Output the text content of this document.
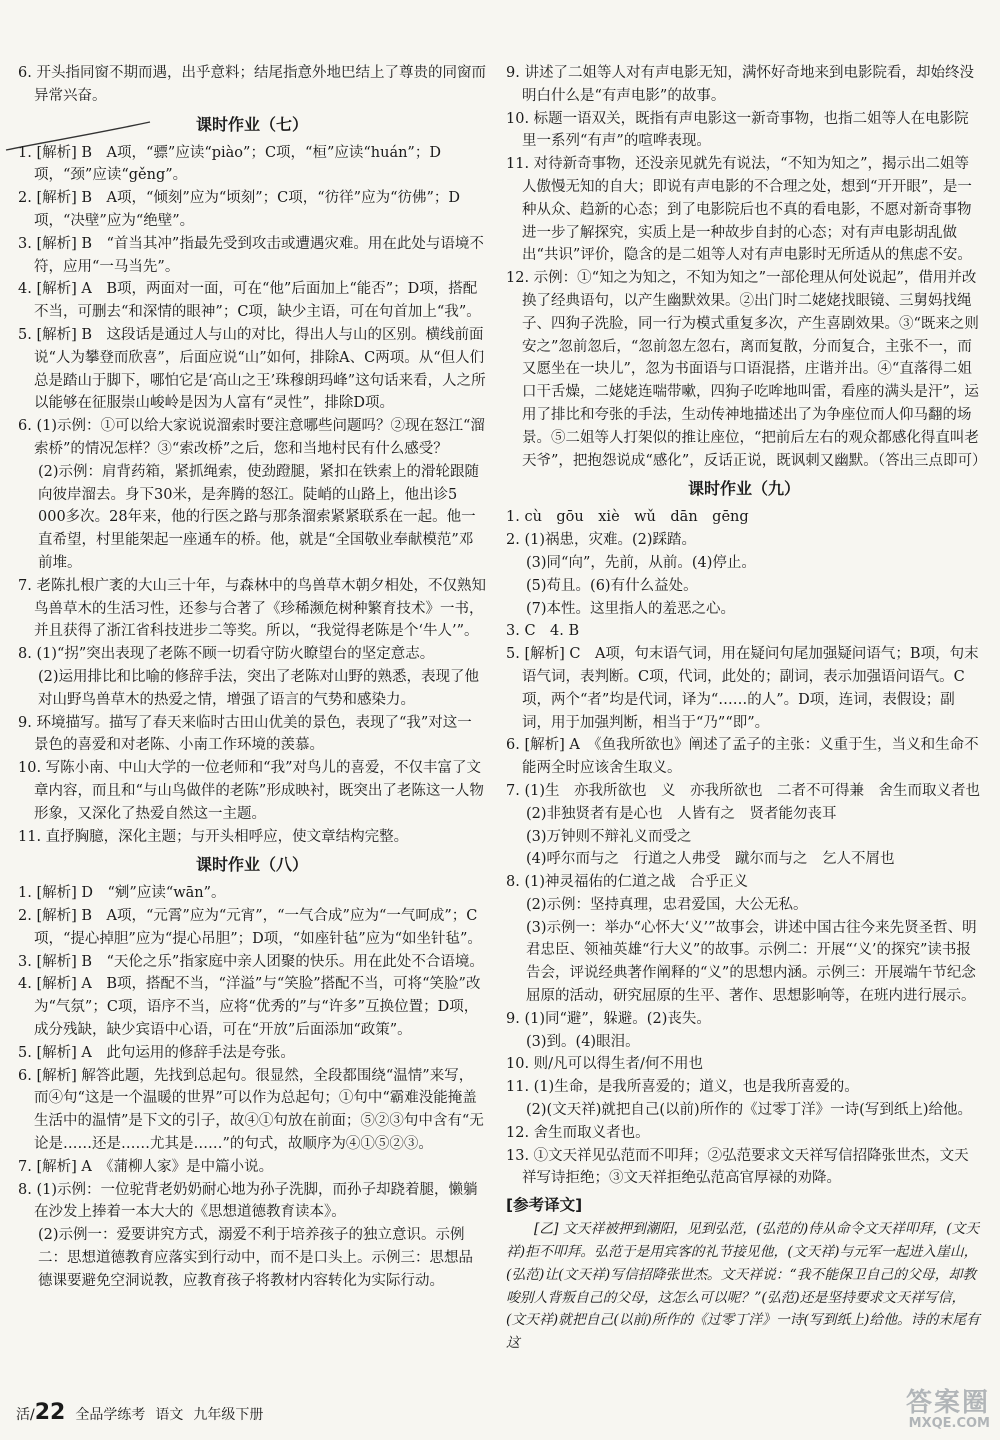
6. 开头指同窗不期而遇，出乎意料；结尾指意外地巴结上了尊贵的同窗而异常兴奋。

课时作业（七）

1. [解析] B　A项，“骠”应读“piào”；C项，“桓”应读“huán”；D项，“颈”应读“gěng”。

2. [解析] B　A项，“倾刻”应为“顷刻”；C项，“彷徉”应为“彷佛”；D项，“决壁”应为“绝壁”。

3. [解析] B　“首当其冲”指最先受到攻击或遭遇灾难。用在此处与语境不符，应用“一马当先”。

4. [解析] A　B项，两面对一面，可在“他”后面加上“能否”；D项，搭配不当，可删去“和深情的眼神”；C项，缺少主语，可在句首加上“我”。

5. [解析] B　这段话是通过人与山的对比，得出人与山的区别。横线前面说“人为攀登而欣喜”，后面应说“山”如何，排除A、C两项。从“但人们总是踏山于脚下，哪怕它是‘高山之王’珠穆朗玛峰”这句话来看，人之所以能够在征服崇山峻岭是因为人富有“灵性”，排除D项。

6. (1)示例：①可以给大家说说溜索时要注意哪些问题吗？②现在怒江“溜索桥”的情况怎样？③“索改桥”之后，您和当地村民有什么感受？

(2)示例：肩背药箱，紧抓绳索，使劲蹬腿，紧扣在铁索上的滑轮跟随向彼岸溜去。身下30米，是奔腾的怒江。陡峭的山路上，他出诊5 000多次。28年来，他的行医之路与那条溜索紧紧联系在一起。他一直希望，村里能架起一座通车的桥。他，就是“全国敬业奉献模范”邓前堆。

7. 老陈扎根广袤的大山三十年，与森林中的鸟兽草木朝夕相处，不仅熟知鸟兽草木的生活习性，还参与合著了《珍稀濒危树种繁育技术》一书，并且获得了浙江省科技进步二等奖。所以，“我觉得老陈是个‘牛人’”。

8. (1)“拐”突出表现了老陈不顾一切看守防火瞭望台的坚定意志。

(2)运用排比和比喻的修辞手法，突出了老陈对山野的熟悉，表现了他对山野鸟兽草木的热爱之情，增强了语言的气势和感染力。

9. 环境描写。描写了春天来临时古田山优美的景色，表现了“我”对这一景色的喜爱和对老陈、小南工作环境的羡慕。

10. 写陈小南、中山大学的一位老师和“我”对鸟儿的喜爱，不仅丰富了文章内容，而且和“与山鸟做伴的老陈”形成映衬，既突出了老陈这一人物形象，又深化了热爱自然这一主题。

11. 直抒胸臆，深化主题；与开头相呼应，使文章结构完整。

课时作业（八）

1. [解析] D　“剜”应读“wān”。

2. [解析] B　A项，“元霄”应为“元宵”，“一气合成”应为“一气呵成”；C项，“提心掉胆”应为“提心吊胆”；D项，“如座针毡”应为“如坐针毡”。

3. [解析] B　“天伦之乐”指家庭中亲人团聚的快乐。用在此处不合语境。

4. [解析] A　B项，搭配不当，“洋溢”与“笑脸”搭配不当，可将“笑脸”改为“气氛”；C项，语序不当，应将“优秀的”与“许多”互换位置；D项，成分残缺，缺少宾语中心语，可在“开放”后面添加“政策”。

5. [解析] A　此句运用的修辞手法是夸张。

6. [解析] 解答此题，先找到总起句。很显然，全段都围绕“温情”来写，而④句“这是一个温暖的世界”可以作为总起句；①句中“霸难没能掩盖生活中的温情”是下文的引子，故④①句放在前面；⑤②③句中含有“无论是……还是……尤其是……”的句式，故顺序为④①⑤②③。

7. [解析] A　《蒲柳人家》是中篇小说。

8. (1)示例：一位驼背老奶奶耐心地为孙子洗脚，而孙子却跷着腿，懒躺在沙发上捧着一本大大的《思想道德教育读本》。

(2)示例一：爱要讲究方式，溺爱不利于培养孩子的独立意识。示例二：思想道德教育应落实到行动中，而不是口头上。示例三：思想品德课要避免空洞说教，应教育孩子将教材内容转化为实际行动。

9. 讲述了二姐等人对有声电影无知，满怀好奇地来到电影院看，却始终没明白什么是“有声电影”的故事。

10. 标题一语双关，既指有声电影这一新奇事物，也指二姐等人在电影院里一系列“有声”的喧哗表现。

11. 对待新奇事物，还没亲见就先有说法，“不知为知之”，揭示出二姐等人傲慢无知的自大；即说有声电影的不合理之处，想到“开开眼”，是一种从众、趋新的心态；到了电影院后也不真的看电影，不愿对新奇事物进一步了解探究，实质上是一种故步自封的心态；对有声电影胡乱做出“共识”评价，隐含的是二姐等人对有声电影时无所适从的焦虑不安。

12. 示例：①“知之为知之，不知为知之”一部伦理从何处说起”，借用并改换了经典语句，以产生幽默效果。②出门时二姥姥找眼镜、三舅妈找绳子、四狗子洗脸，同一行为模式重复多次，产生喜剧效果。③“既来之则安之”忽前忽后，“忽前忽左忽右，离而复散，分而复合，主张不一，而又愿坐在一块儿”，忽为书面语与口语混搭，庄谐并出。④“直落得二姐口干舌燥，二姥姥连喘带嗽，四狗子吃哞地叫雷，看座的满头是汗”，运用了排比和夸张的手法，生动传神地描述出了为争座位而人仰马翻的场景。⑤二姐等人打架似的推让座位，“把前后左右的观众都感化得直叫老天爷”，把抱怨说成“感化”，反话正说，既讽刺又幽默。（答出三点即可）

课时作业（九）

1. cù　gōu　xiè　wǔ　dān　gēng

2. (1)祸患，灾难。(2)踩踏。

(3)同“向”，先前，从前。(4)停止。

(5)苟且。(6)有什么益处。

(7)本性。这里指人的羞恶之心。

3. C　4. B

5. [解析] C　A项，句末语气词，用在疑问句尾加强疑问语气；B项，句末语气词，表判断。C项，代词，此处的；副词，表示加强语问语气。C项，两个“者”均是代词，译为“……的人”。D项，连词，表假设；副词，用于加强判断，相当于“乃”“即”。

6. [解析] A　《鱼我所欲也》阐述了孟子的主张：义重于生，当义和生命不能两全时应该舍生取义。

7. (1)生　亦我所欲也　义　亦我所欲也　二者不可得兼　舍生而取义者也

(2)非独贤者有是心也　人皆有之　贤者能勿丧耳

(3)万钟则不辩礼义而受之

(4)呼尔而与之　行道之人弗受　蹴尔而与之　乞人不屑也

8. (1)神灵福佑的仁道之战　合乎正义

(2)示例：坚持真理，忠君爱国，大公无私。

(3)示例一：举办“心怀大‘义’”故事会，讲述中国古往今来先贤圣哲、明君忠臣、领袖英雄“行大义”的故事。示例二：开展“‘义’的探究”读书报告会，评说经典著作阐释的“义”的思想内涵。示例三：开展端午节纪念屈原的活动，研究屈原的生平、著作、思想影响等，在班内进行展示。

9. (1)同“避”，躲避。(2)丧失。

(3)到。(4)眼泪。

10. 则/凡可以得生者/何不用也

11. (1)生命，是我所喜爱的；道义，也是我所喜爱的。

(2)(文天祥)就把自己(以前)所作的《过零丁洋》一诗(写到纸上)给他。

12. 舍生而取义者也。

13. ①文天祥见弘范而不叩拜；②弘范要求文天祥写信招降张世杰，文天祥写诗拒绝；③文天祥拒绝弘范高官厚禄的劝降。

[参考译文]

[乙] 文天祥被押到潮阳，见到弘范，(弘范的)侍从命令文天祥叩拜，(文天祥)拒不叩拜。弘范于是用宾客的礼节接见他，(文天祥)与元军一起进入崖山，(弘范)让(文天祥)写信招降张世杰。文天祥说：“我不能保卫自己的父母，却教唆别人背叛自己的父母，这怎么可以呢？”(弘范)还是坚持要求文天祥写信，(文天祥)就把自己(以前)所作的《过零丁洋》一诗(写到纸上)给他。诗的末尾有这

活/22 全品学练考 语文 九年级下册	答案圈
MXQE.COM
